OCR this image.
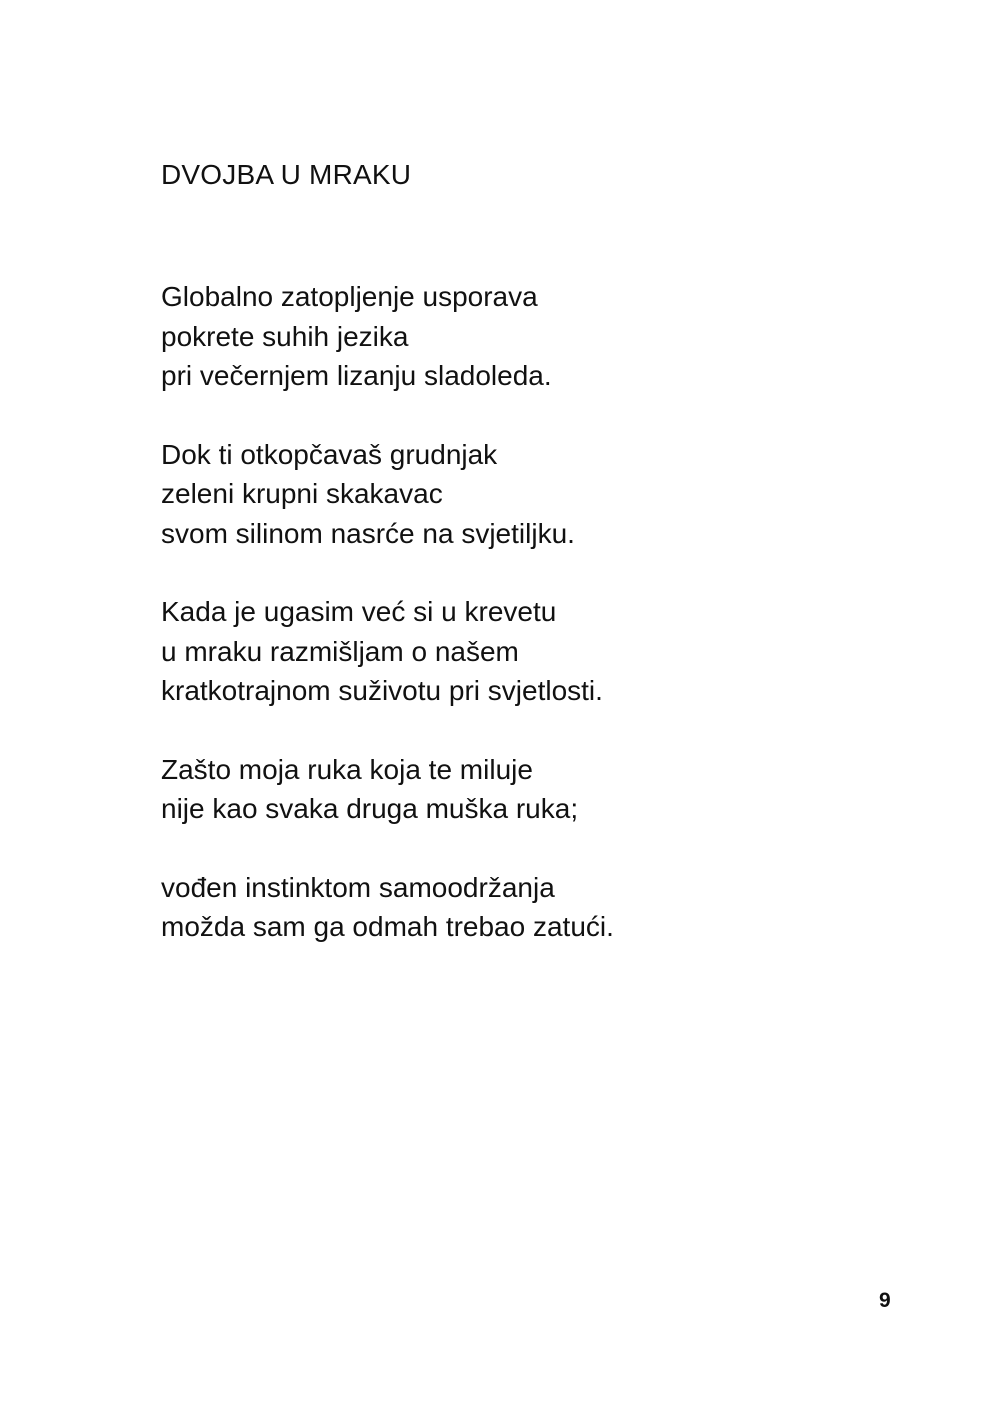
DVOJBA U MRAKU
Globalno zatopljenje usporava
pokrete suhih jezika
pri večernjem lizanju sladoleda.
Dok ti otkopčavaš grudnjak
zeleni krupni skakavac
svom silinom nasrće na svjetiljku.
Kada je ugasim već si u krevetu
u mraku razmišljam o našem
kratkotrajnom suživotu pri svjetlosti.
Zašto moja ruka koja te miluje
nije kao svaka druga muška ruka;
vođen instinktom samoodržanja
možda sam ga odmah trebao zatući.
9
